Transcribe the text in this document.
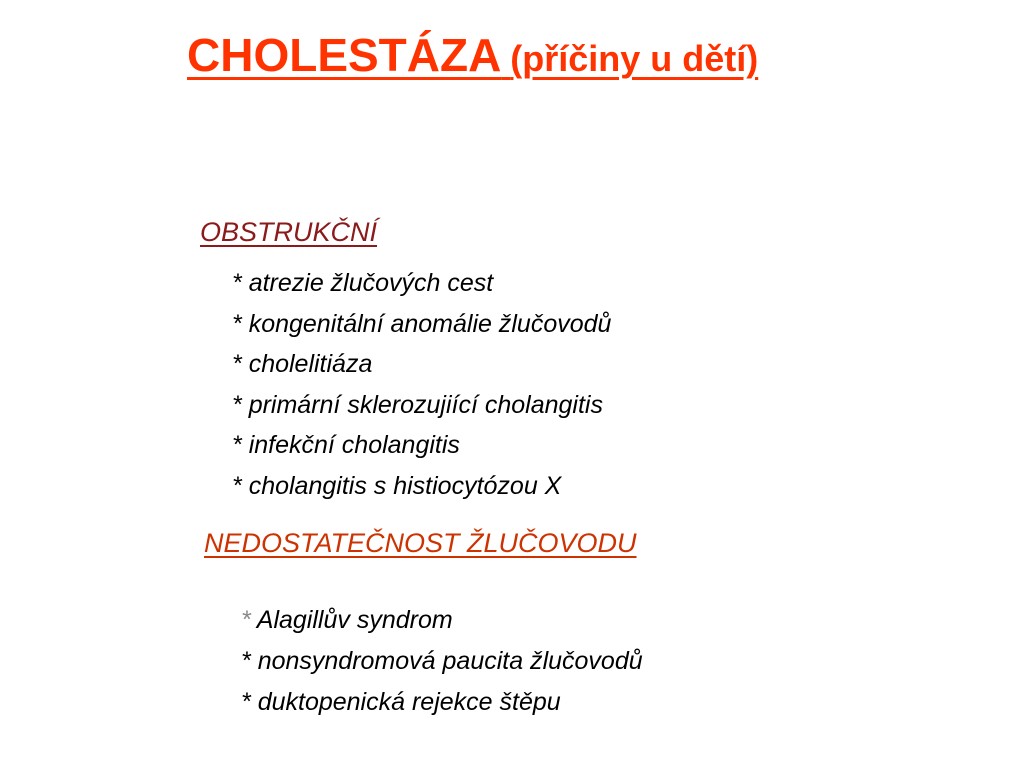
CHOLESTÁZA (příčiny u dětí)
OBSTRUKČNÍ
* atrezie žlučových cest
* kongenitální anomálie žlučovodů
* cholelitiáza
* primární sklerozujiící cholangitis
* infekční cholangitis
* cholangitis s histiocytózou X
NEDOSTATEČNOST ŽLUČOVODU
* Alagillův syndrom
* nonsyndromová paucita žlučovodů
* duktopenická rejekce štěpu
